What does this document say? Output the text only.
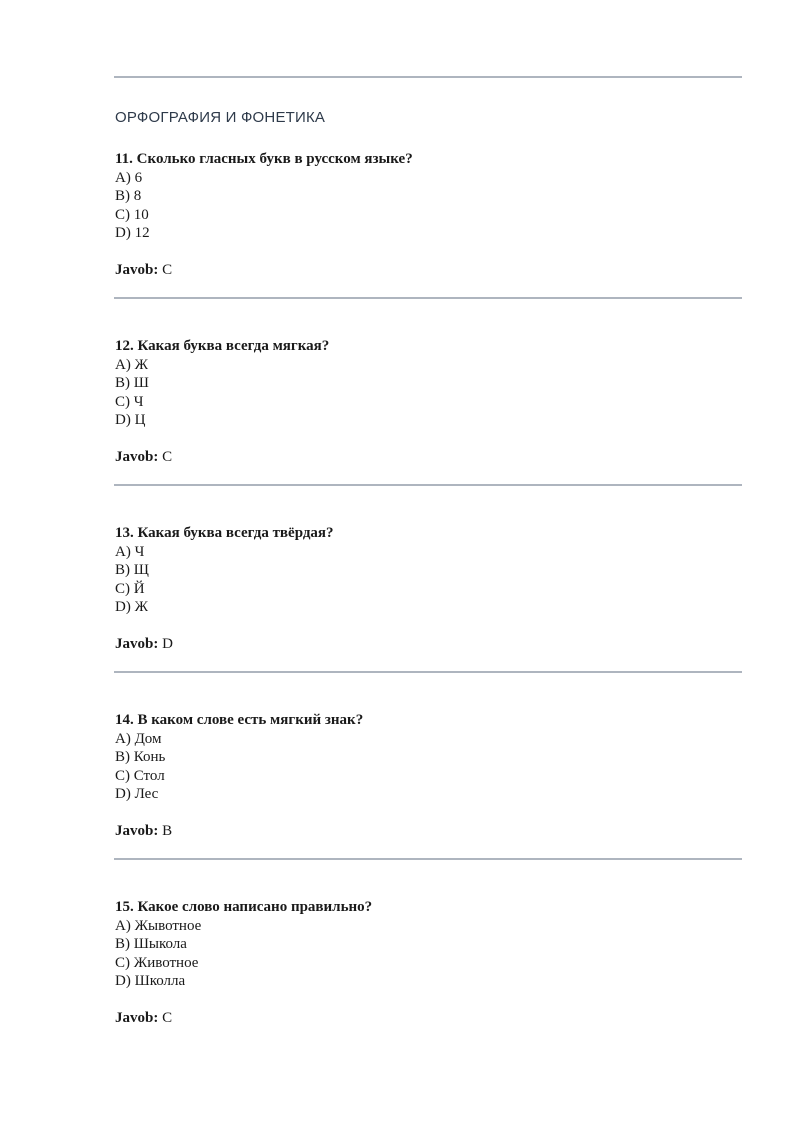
ОРФОГРАФИЯ И ФОНЕТИКА
11. Сколько гласных букв в русском языке?
A) 6
B) 8
C) 10
D) 12
Javob: C
12. Какая буква всегда мягкая?
A) Ж
B) Ш
C) Ч
D) Ц
Javob: C
13. Какая буква всегда твёрдая?
A) Ч
B) Щ
C) Й
D) Ж
Javob: D
14. В каком слове есть мягкий знак?
A) Дом
B) Конь
C) Стол
D) Лес
Javob: B
15. Какое слово написано правильно?
A) Жывотное
B) Шыкола
C) Животное
D) Школла
Javob: C
